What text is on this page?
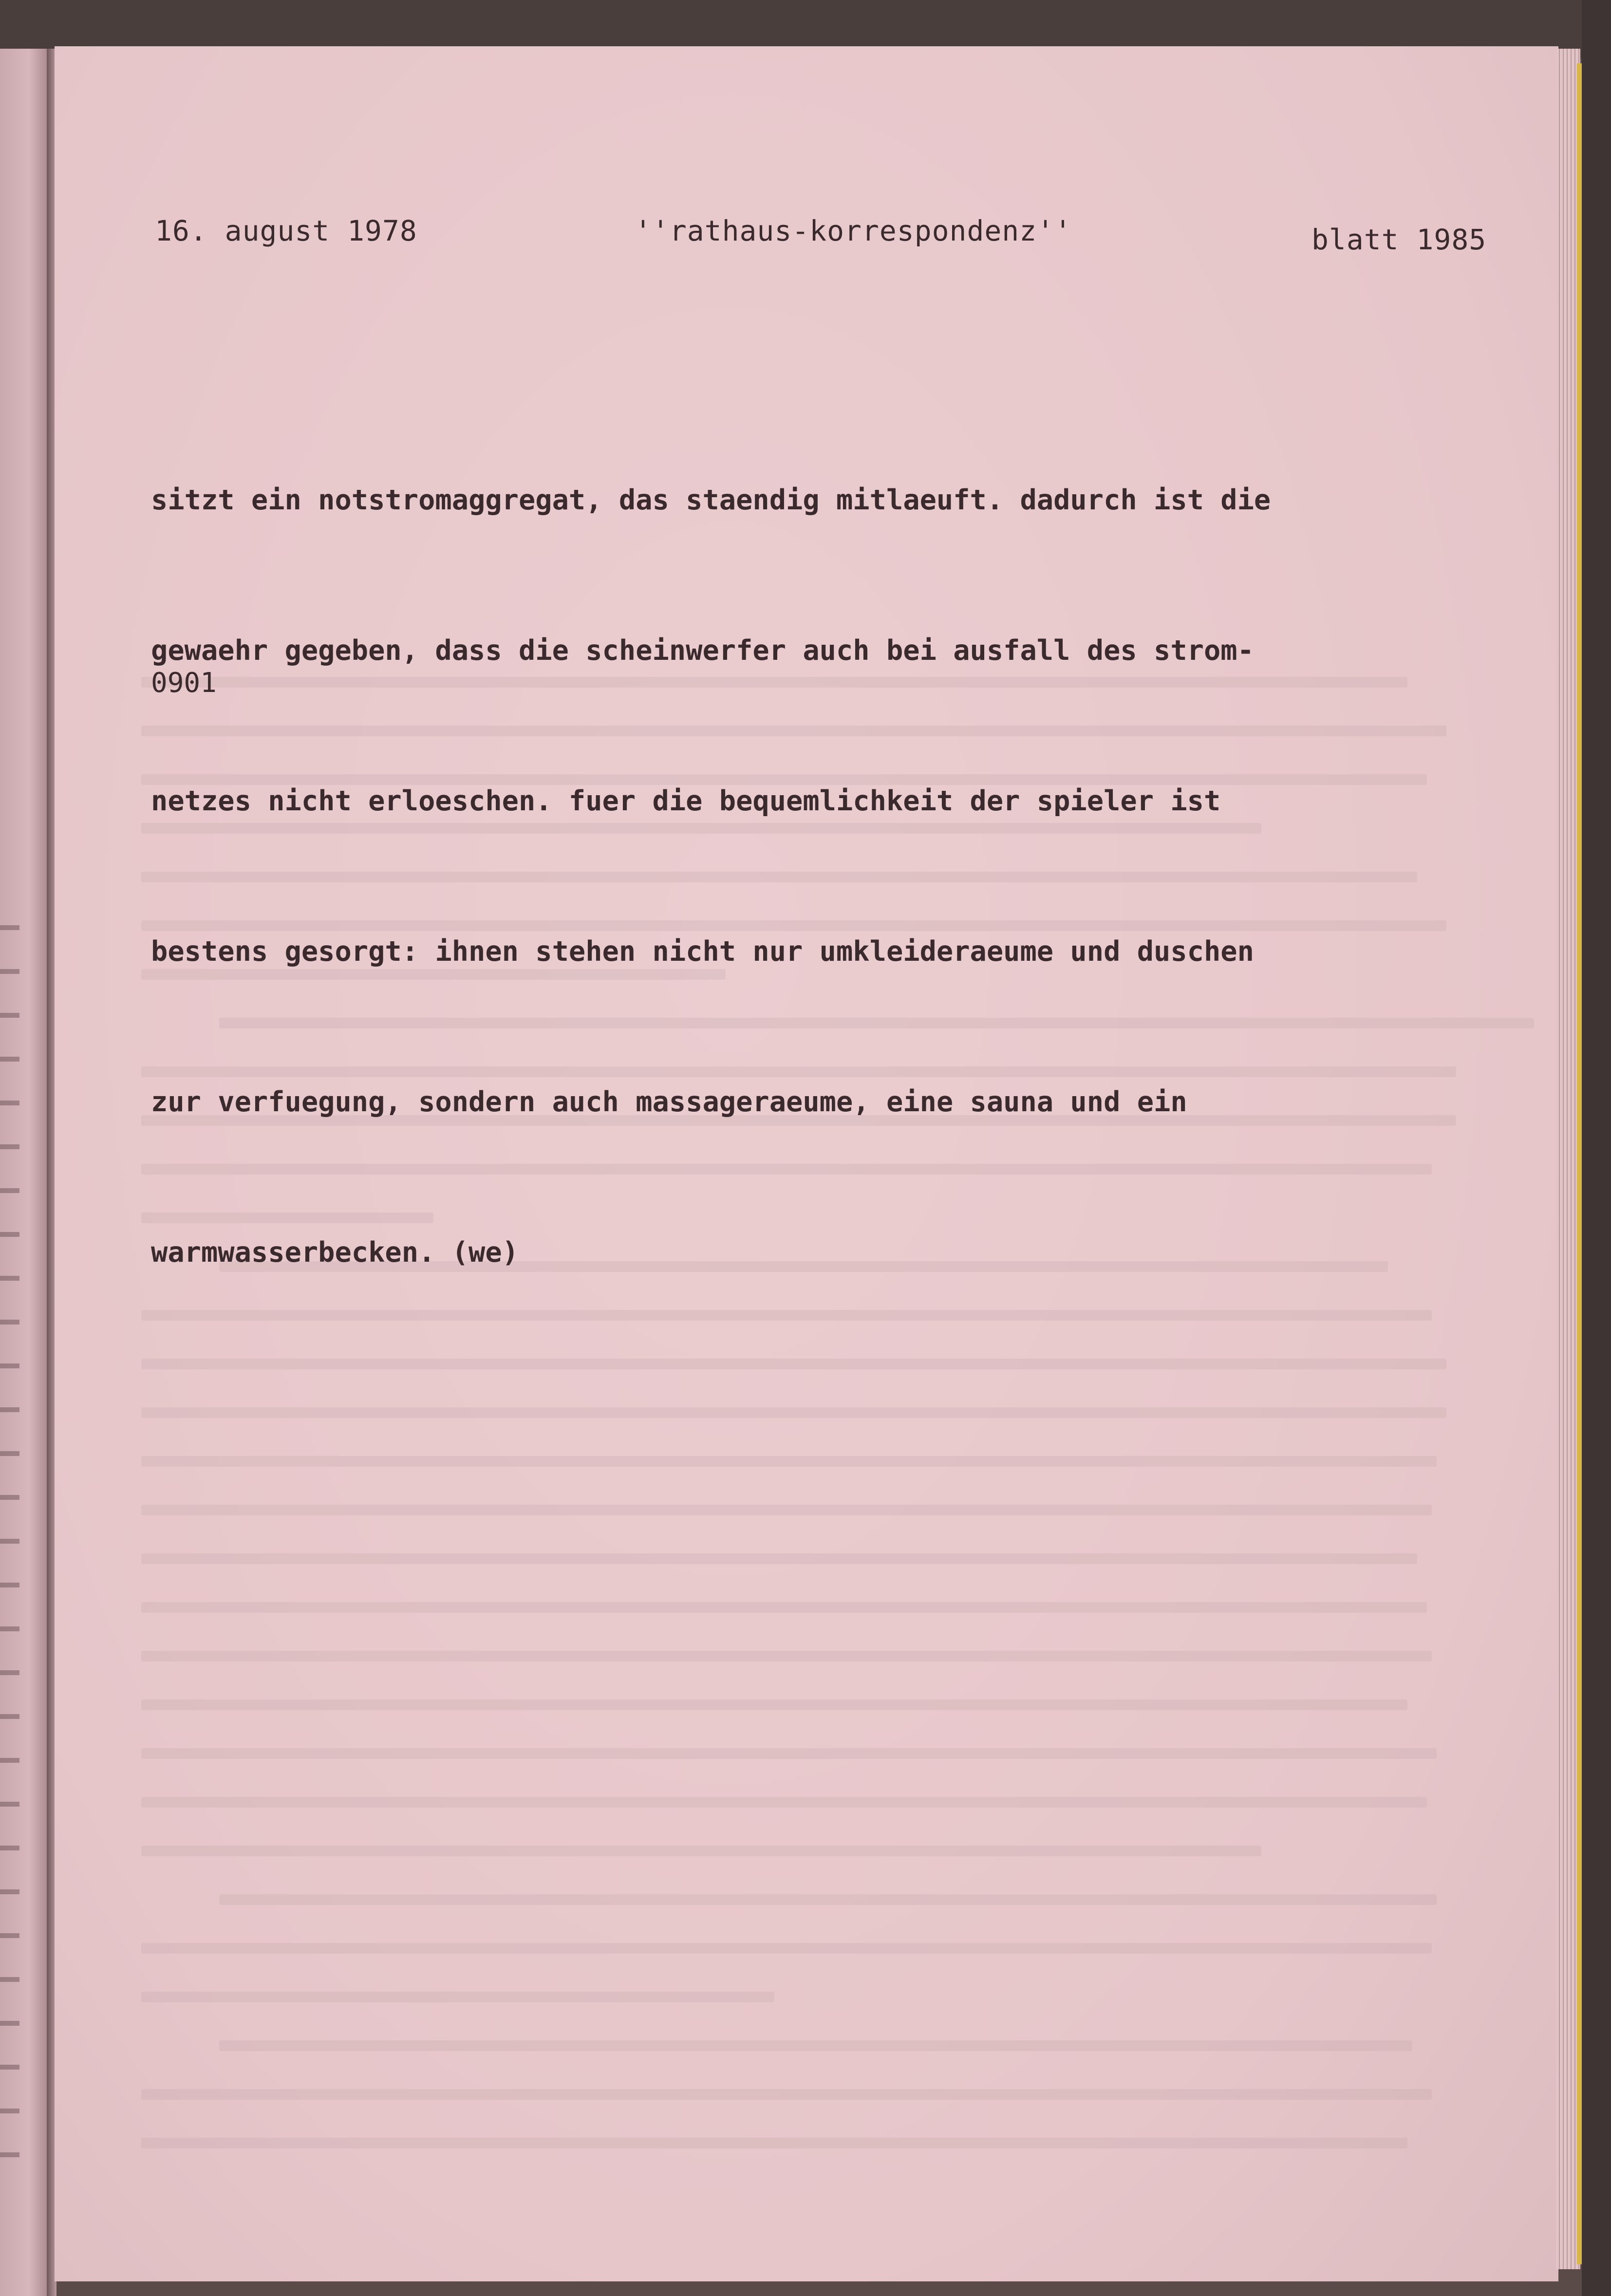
16. august 1978	''rathaus-korrespondenz''	blatt 1985

sitzt ein notstromaggregat, das staendig mitlaeuft. dadurch ist die

gewaehr gegeben, dass die scheinwerfer auch bei ausfall des strom-

netzes nicht erloeschen. fuer die bequemlichkeit der spieler ist

bestens gesorgt: ihnen stehen nicht nur umkleideraeume und duschen

zur verfuegung, sondern auch massageraeume, eine sauna und ein

warmwasserbecken. (we)

0901
